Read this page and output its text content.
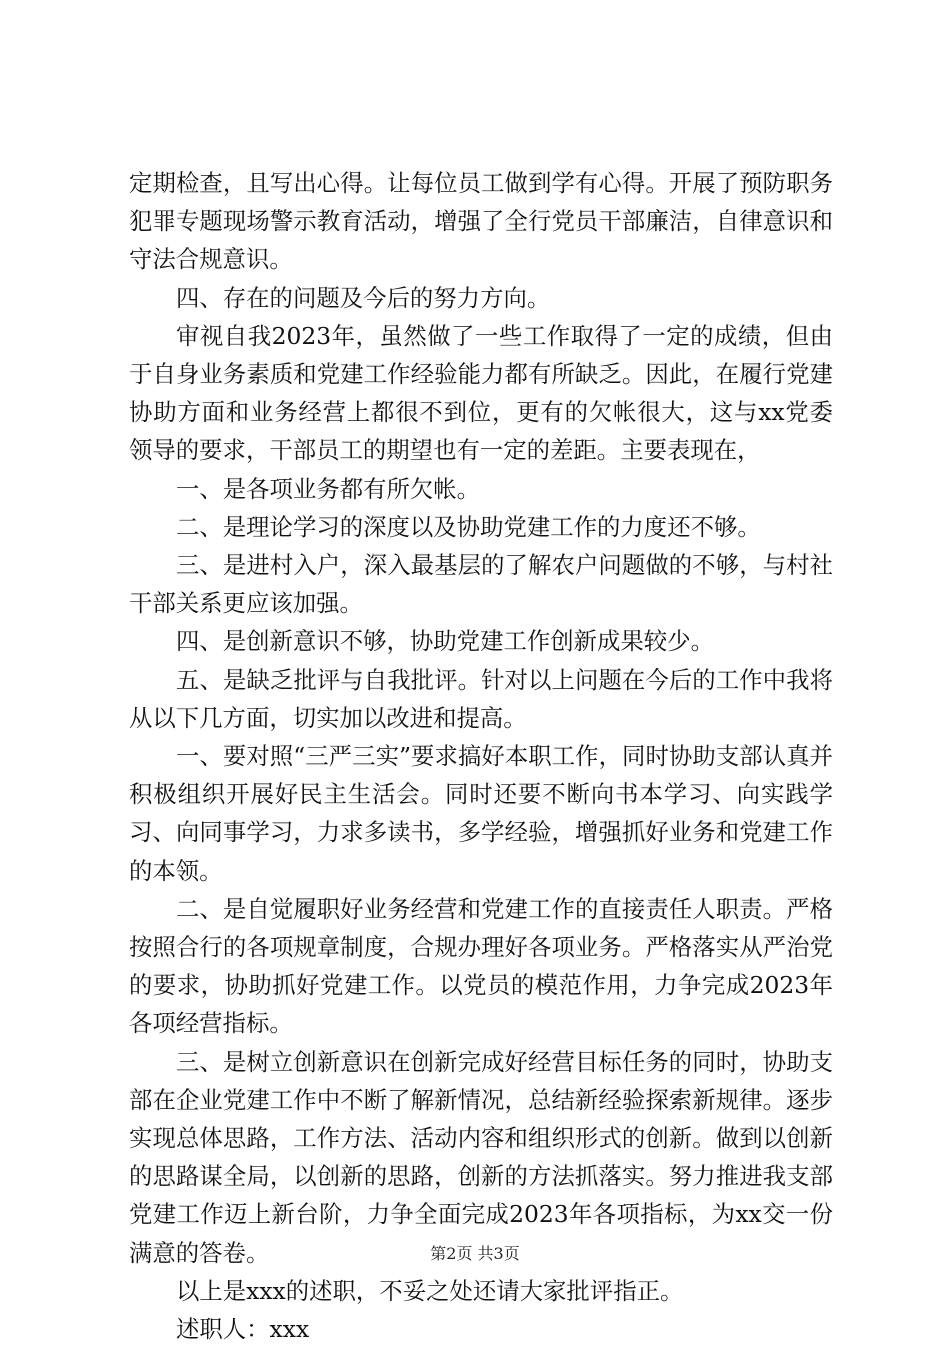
定期检查，且写出心得。让每位员工做到学有心得。开展了预防职务犯罪专题现场警示教育活动，增强了全行党员干部廉洁，自律意识和守法合规意识。

四、存在的问题及今后的努力方向。

审视自我2023年，虽然做了一些工作取得了一定的成绩，但由于自身业务素质和党建工作经验能力都有所缺乏。因此，在履行党建协助方面和业务经营上都很不到位，更有的欠帐很大，这与xx党委领导的要求，干部员工的期望也有一定的差距。主要表现在，

一、是各项业务都有所欠帐。

二、是理论学习的深度以及协助党建工作的力度还不够。

三、是进村入户，深入最基层的了解农户问题做的不够，与村社干部关系更应该加强。

四、是创新意识不够，协助党建工作创新成果较少。

五、是缺乏批评与自我批评。针对以上问题在今后的工作中我将从以下几方面，切实加以改进和提高。

一、要对照“三严三实”要求搞好本职工作，同时协助支部认真并积极组织开展好民主生活会。同时还要不断向书本学习、向实践学习、向同事学习，力求多读书，多学经验，增强抓好业务和党建工作的本领。

二、是自觉履职好业务经营和党建工作的直接责任人职责。严格按照合行的各项规章制度，合规办理好各项业务。严格落实从严治党的要求，协助抓好党建工作。以党员的模范作用，力争完成2023年各项经营指标。

三、是树立创新意识在创新完成好经营目标任务的同时，协助支部在企业党建工作中不断了解新情况，总结新经验探索新规律。逐步实现总体思路，工作方法、活动内容和组织形式的创新。做到以创新的思路谋全局，以创新的思路，创新的方法抓落实。努力推进我支部党建工作迈上新台阶，力争全面完成2023年各项指标，为xx交一份满意的答卷。

以上是xxx的述职，不妥之处还请大家批评指正。

述职人：xxx

第2页 共3页
